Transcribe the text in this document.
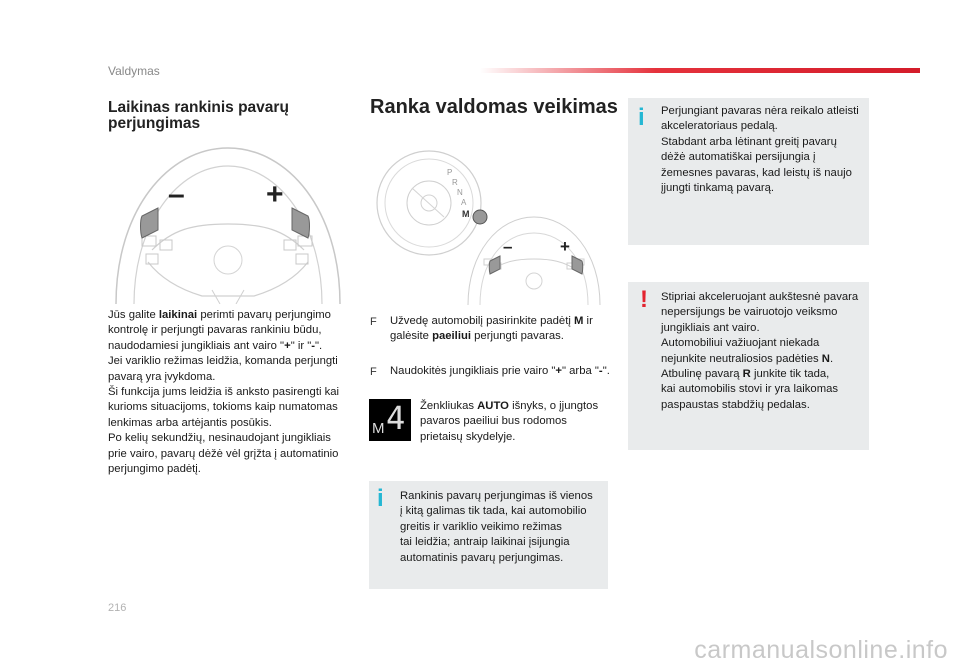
Valdymas
Laikinas rankinis pavarų
perjungimas
–	+
Jūs galite laikinai perimti pavarų perjungimo
kontrolę ir perjungti pavaras rankiniu būdu,
naudodamiesi jungikliais ant vairo "+" ir "-".
Jei variklio režimas leidžia, komanda perjungti
pavarą yra įvykdoma.
Ši funkcija jums leidžia iš anksto pasirengti kai
kurioms situacijoms, tokioms kaip numatomas
lenkimas arba artėjantis posūkis.
Po kelių sekundžių, nesinaudojant jungikliais
prie vairo, pavarų dėžė vėl grįžta į automatinio
perjungimo padėtį.
Ranka valdomas veikimas
P
R
N
A
M
–	+
F Užvedę automobilį pasirinkite padėtį M ir
galėsite paeiliui perjungti pavaras.
F Naudokitės jungikliais prie vairo "+" arba "-".
M 4 Ženkliukas AUTO išnyks, o įjungtos
pavaros paeiliui bus rodomos
prietaisų skydelyje.
i Rankinis pavarų perjungimas iš vienos
į kitą galimas tik tada, kai automobilio
greitis ir variklio veikimo režimas
tai leidžia; antraip laikinai įsijungia
automatinis pavarų perjungimas.
i Perjungiant pavaras nėra reikalo atleisti
akceleratoriaus pedalą.
Stabdant arba lėtinant greitį pavarų
dėžė automatiškai persijungia į
žemesnes pavaras, kad leistų iš naujo
įjungti tinkamą pavarą.
! Stipriai akceleruojant aukštesnė pavara
nepersijungs be vairuotojo veiksmo
jungikliais ant vairo.
Automobiliui važiuojant niekada
nejunkite neutraliosios padėties N.
Atbulinę pavarą R junkite tik tada,
kai automobilis stovi ir yra laikomas
paspaustas stabdžių pedalas.
216
carmanualsonline.info
